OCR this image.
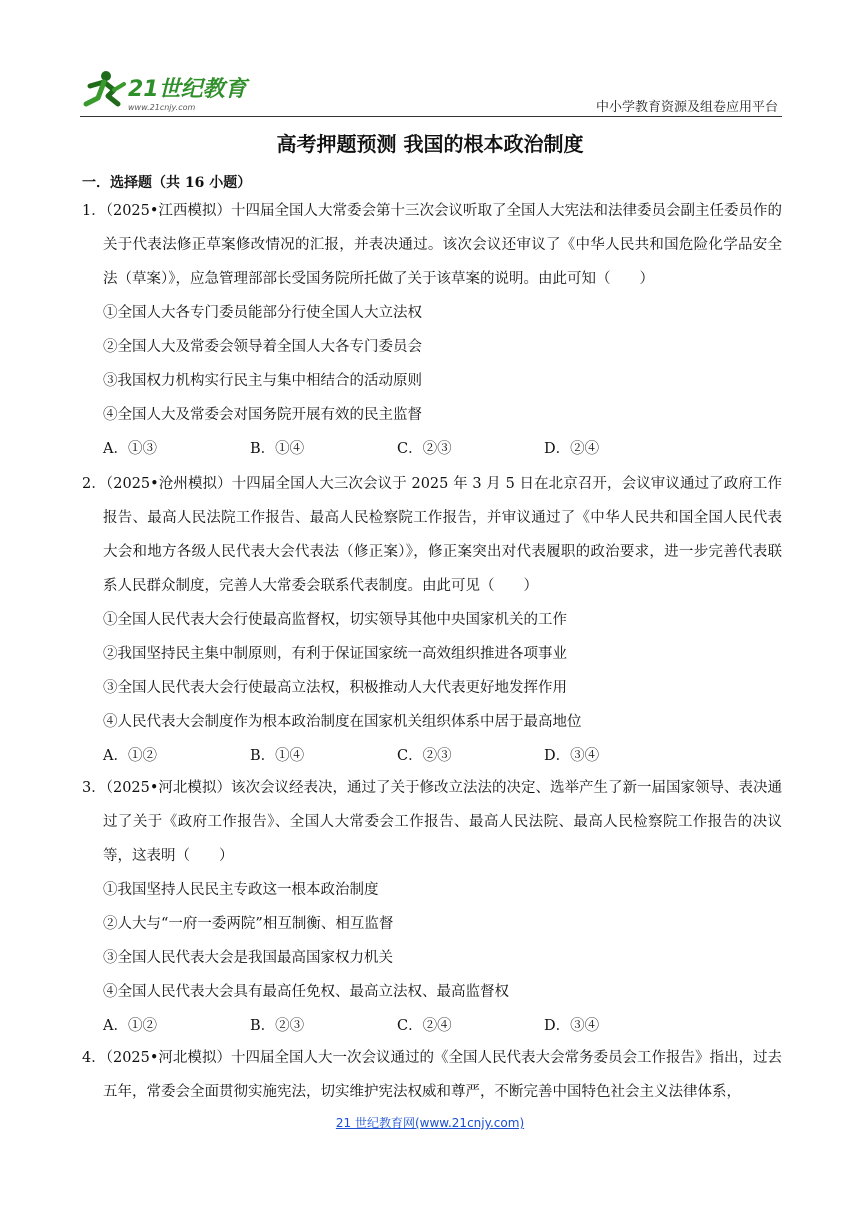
21世纪教育
www.21cnjy.com	中小学教育资源及组卷应用平台
高考押题预测 我国的根本政治制度
一．选择题（共 16 小题）

1．（2025•江西模拟）十四届全国人大常委会第十三次会议听取了全国人大宪法和法律委员会副主任委员作的关于代表法修正草案修改情况的汇报，并表决通过。该次会议还审议了《中华人民共和国危险化学品安全法（草案）》，应急管理部部长受国务院所托做了关于该草案的说明。由此可知（　　）

①全国人大各专门委员能部分行使全国人大立法权

②全国人大及常委会领导着全国人大各专门委员会

③我国权力机构实行民主与集中相结合的活动原则

④全国人大及常委会对国务院开展有效的民主监督

A．①③	B．①④	C．②③	D．②④

2．（2025•沧州模拟）十四届全国人大三次会议于 2025 年 3 月 5 日在北京召开，会议审议通过了政府工作报告、最高人民法院工作报告、最高人民检察院工作报告，并审议通过了《中华人民共和国全国人民代表大会和地方各级人民代表大会代表法（修正案）》，修正案突出对代表履职的政治要求，进一步完善代表联系人民群众制度，完善人大常委会联系代表制度。由此可见（　　）

①全国人民代表大会行使最高监督权，切实领导其他中央国家机关的工作

②我国坚持民主集中制原则，有利于保证国家统一高效组织推进各项事业

③全国人民代表大会行使最高立法权，积极推动人大代表更好地发挥作用

④人民代表大会制度作为根本政治制度在国家机关组织体系中居于最高地位

A．①②	B．①④	C．②③	D．③④

3．（2025•河北模拟）该次会议经表决，通过了关于修改立法法的决定、选举产生了新一届国家领导、表决通过了关于《政府工作报告》、全国人大常委会工作报告、最高人民法院、最高人民检察院工作报告的决议等，这表明（　　）

①我国坚持人民民主专政这一根本政治制度

②人大与“一府一委两院”相互制衡、相互监督

③全国人民代表大会是我国最高国家权力机关

④全国人民代表大会具有最高任免权、最高立法权、最高监督权

A．①②	B．②③	C．②④	D．③④

4．（2025•河北模拟）十四届全国人大一次会议通过的《全国人民代表大会常务委员会工作报告》指出，过去五年，常委会全面贯彻实施宪法，切实维护宪法权威和尊严，不断完善中国特色社会主义法律体系，

21 世纪教育网(www.21cnjy.com)
